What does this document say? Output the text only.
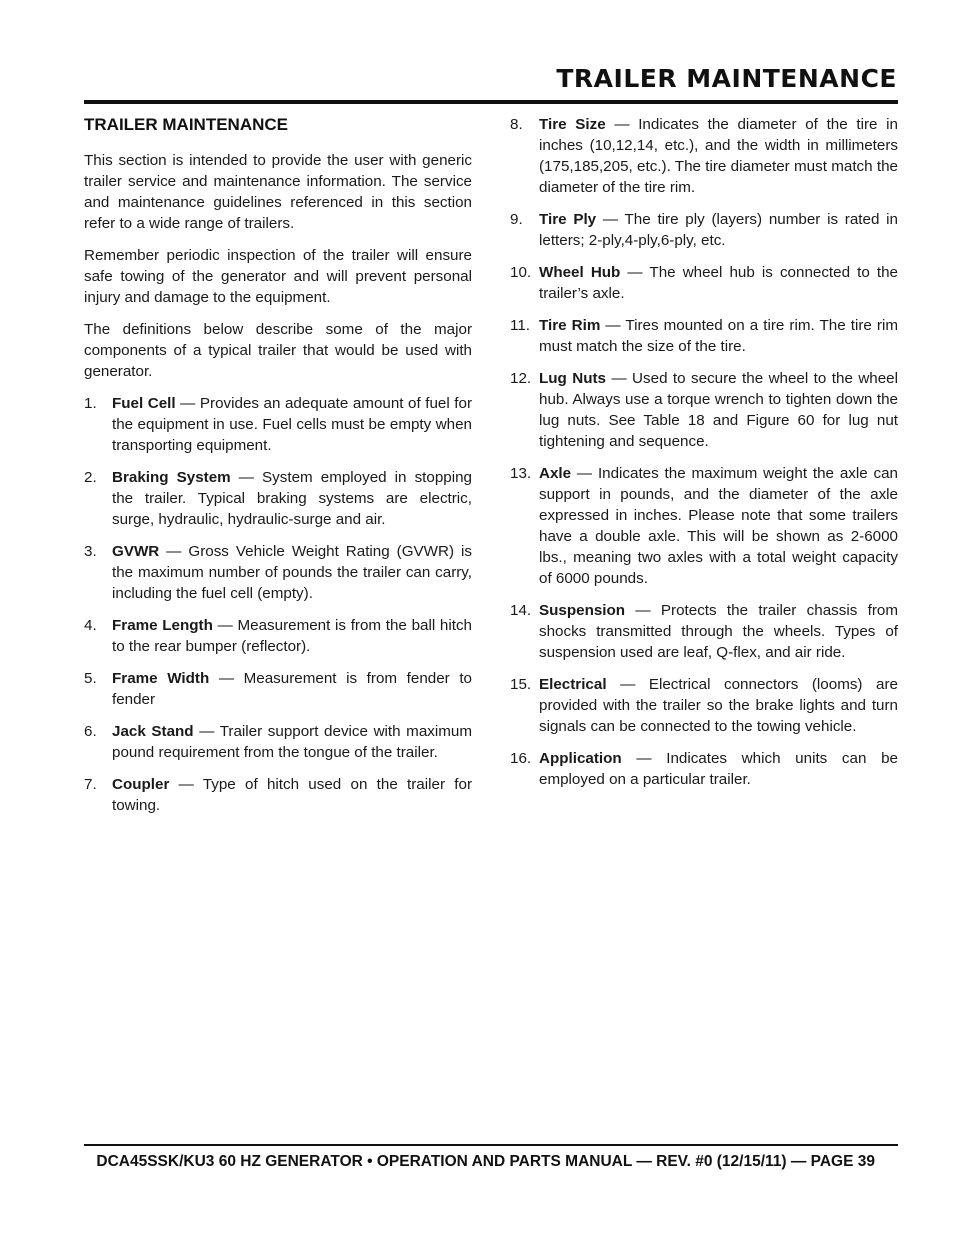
TRAILER MAINTENANCE
TRAILER MAINTENANCE

This section is intended to provide the user with generic trailer service and maintenance information. The service and maintenance guidelines referenced in this section refer to a wide range of trailers.

Remember periodic inspection of the trailer will ensure safe towing of the generator and will prevent personal injury and damage to the equipment.

The definitions below describe some of the major components of a typical trailer that would be used with generator.

1. Fuel Cell — Provides an adequate amount of fuel for the equipment in use. Fuel cells must be empty when transporting equipment.
2. Braking System — System employed in stopping the trailer. Typical braking systems are electric, surge, hydraulic, hydraulic-surge and air.
3. GVWR — Gross Vehicle Weight Rating (GVWR) is the maximum number of pounds the trailer can carry, including the fuel cell (empty).
4. Frame Length — Measurement is from the ball hitch to the rear bumper (reflector).
5. Frame Width — Measurement is from fender to fender
6. Jack Stand — Trailer support device with maximum pound requirement from the tongue of the trailer.
7. Coupler — Type of hitch used on the trailer for towing.
8. Tire Size — Indicates the diameter of the tire in inches (10,12,14, etc.), and the width in millimeters (175,185,205, etc.). The tire diameter must match the diameter of the tire rim.
9. Tire Ply — The tire ply (layers) number is rated in letters; 2-ply,4-ply,6-ply, etc.
10. Wheel Hub — The wheel hub is connected to the trailer’s axle.
11. Tire Rim — Tires mounted on a tire rim. The tire rim must match the size of the tire.
12. Lug Nuts — Used to secure the wheel to the wheel hub. Always use a torque wrench to tighten down the lug nuts. See Table 18 and Figure 60 for lug nut tightening and sequence.
13. Axle — Indicates the maximum weight the axle can support in pounds, and the diameter of the axle expressed in inches. Please note that some trailers have a double axle. This will be shown as 2-6000 lbs., meaning two axles with a total weight capacity of 6000 pounds.
14. Suspension — Protects the trailer chassis from shocks transmitted through the wheels. Types of suspension used are leaf, Q-flex, and air ride.
15. Electrical — Electrical connectors (looms) are provided with the trailer so the brake lights and turn signals can be connected to the towing vehicle.
16. Application — Indicates which units can be employed on a particular trailer.

DCA45SSK/KU3 60 HZ GENERATOR • OPERATION AND PARTS MANUAL — REV. #0 (12/15/11) — PAGE 39
